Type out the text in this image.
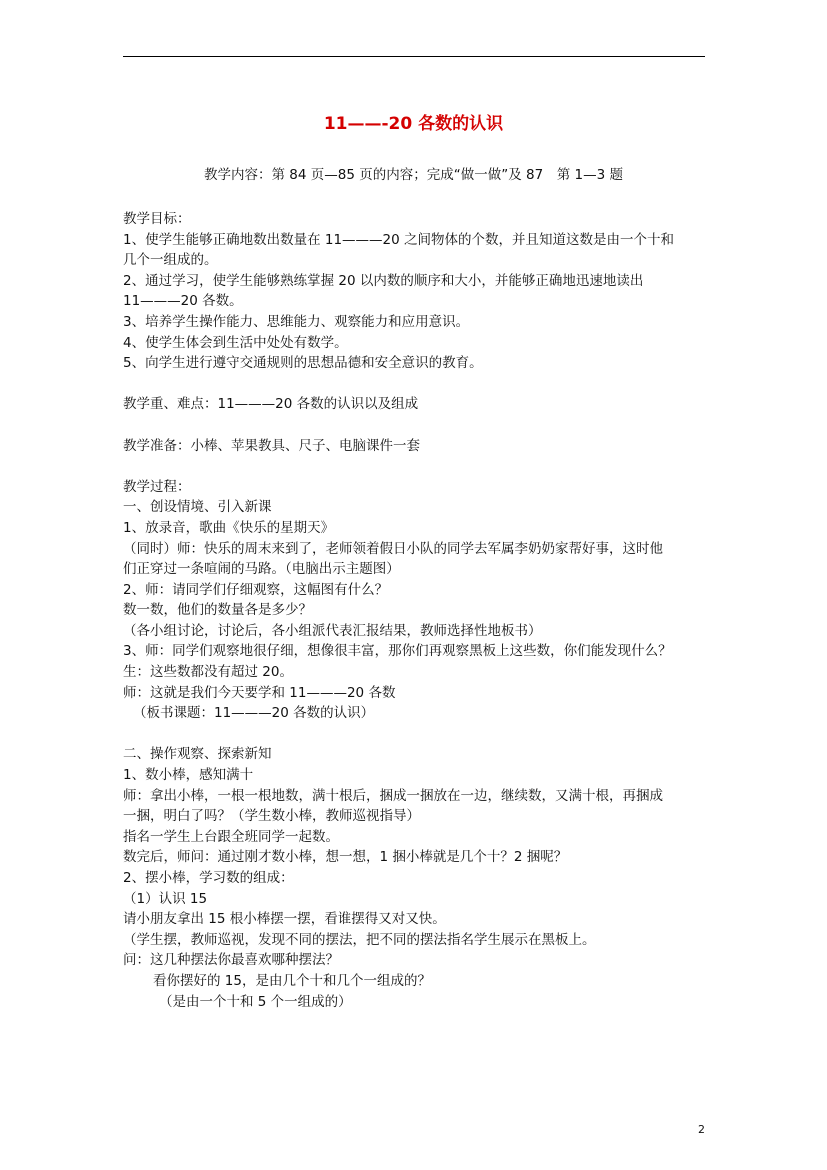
11——-20 各数的认识
教学内容：第 84 页—85 页的内容；完成“做一做”及 87　第 1—3 题

教学目标：

1、使学生能够正确地数出数量在 11———20 之间物体的个数，并且知道这数是由一个十和

几个一组成的。

2、通过学习，使学生能够熟练掌握 20 以内数的顺序和大小，并能够正确地迅速地读出

11———20 各数。

3、培养学生操作能力、思维能力、观察能力和应用意识。

4、使学生体会到生活中处处有数学。

5、向学生进行遵守交通规则的思想品德和安全意识的教育。

教学重、难点：11———20 各数的认识以及组成

教学准备：小棒、苹果教具、尺子、电脑课件一套

教学过程：

一、创设情境、引入新课

1、放录音，歌曲《快乐的星期天》

（同时）师：快乐的周末来到了，老师领着假日小队的同学去军属李奶奶家帮好事，这时他

们正穿过一条喧闹的马路。（电脑出示主题图）

2、师：请同学们仔细观察，这幅图有什么？

数一数，他们的数量各是多少？

（各小组讨论，讨论后，各小组派代表汇报结果，教师选择性地板书）

3、师：同学们观察地很仔细，想像很丰富，那你们再观察黑板上这些数，你们能发现什么？

生：这些数都没有超过 20。

师：这就是我们今天要学和 11———20 各数

（板书课题：11———20 各数的认识）

二、操作观察、探索新知

1、数小棒，感知满十

师：拿出小棒，一根一根地数，满十根后，捆成一捆放在一边，继续数，又满十根，再捆成

一捆，明白了吗？（学生数小棒，教师巡视指导）

指名一学生上台跟全班同学一起数。

数完后，师问：通过刚才数小棒，想一想，1 捆小棒就是几个十？2 捆呢？

2、摆小棒，学习数的组成：

（1）认识 15

请小朋友拿出 15 根小棒摆一摆，看谁摆得又对又快。

（学生摆，教师巡视，发现不同的摆法，把不同的摆法指名学生展示在黑板上。

问：这几种摆法你最喜欢哪种摆法？

看你摆好的 15，是由几个十和几个一组成的？

（是由一个十和 5 个一组成的）

2
